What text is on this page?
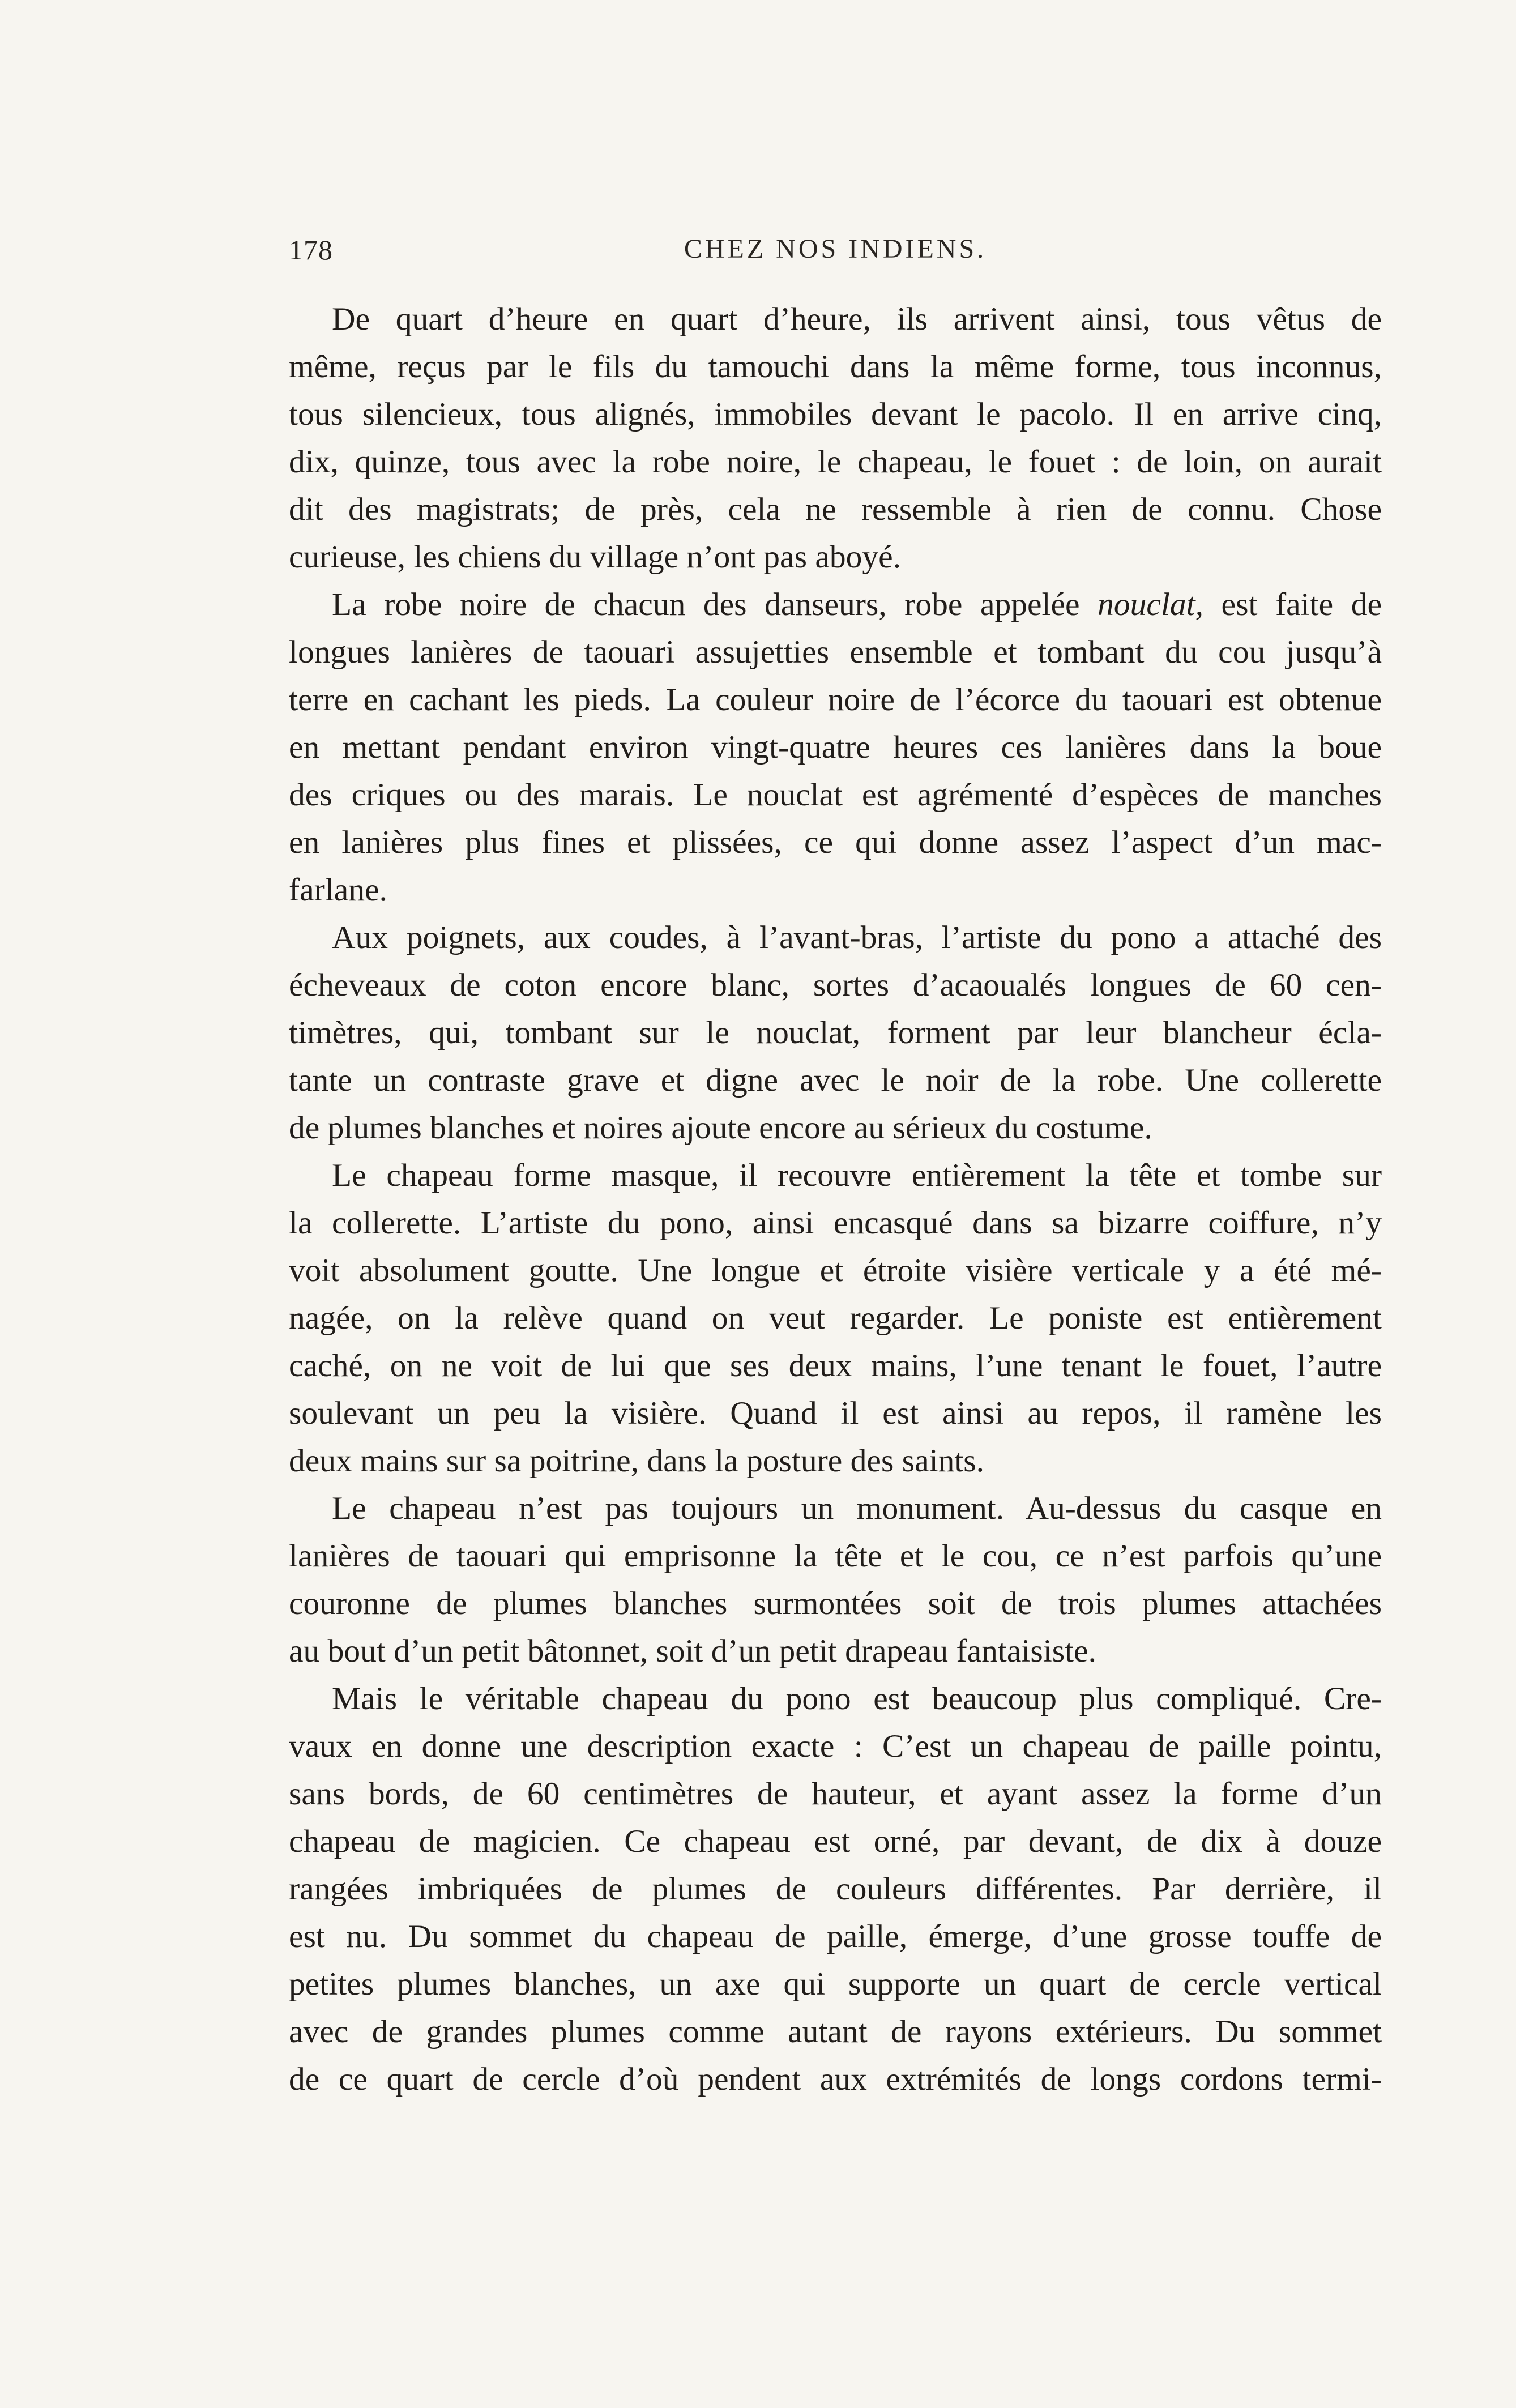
178	CHEZ NOS INDIENS.
De quart d’heure en quart d’heure, ils arrivent ainsi, tous vêtus de
même, reçus par le fils du tamouchi dans la même forme, tous inconnus,
tous silencieux, tous alignés, immobiles devant le pacolo. Il en arrive cinq,
dix, quinze, tous avec la robe noire, le chapeau, le fouet : de loin, on aurait
dit des magistrats; de près, cela ne ressemble à rien de connu. Chose
curieuse, les chiens du village n’ont pas aboyé.
La robe noire de chacun des danseurs, robe appelée nouclat, est faite de
longues lanières de taouari assujetties ensemble et tombant du cou jusqu’à
terre en cachant les pieds. La couleur noire de l’écorce du taouari est obtenue
en mettant pendant environ vingt-quatre heures ces lanières dans la boue
des criques ou des marais. Le nouclat est agrémenté d’espèces de manches
en lanières plus fines et plissées, ce qui donne assez l’aspect d’un mac-
farlane.
Aux poignets, aux coudes, à l’avant-bras, l’artiste du pono a attaché des
écheveaux de coton encore blanc, sortes d’acaoualés longues de 60 cen-
timètres, qui, tombant sur le nouclat, forment par leur blancheur écla-
tante un contraste grave et digne avec le noir de la robe. Une collerette
de plumes blanches et noires ajoute encore au sérieux du costume.
Le chapeau forme masque, il recouvre entièrement la tête et tombe sur
la collerette. L’artiste du pono, ainsi encasqué dans sa bizarre coiffure, n’y
voit absolument goutte. Une longue et étroite visière verticale y a été mé-
nagée, on la relève quand on veut regarder. Le poniste est entièrement
caché, on ne voit de lui que ses deux mains, l’une tenant le fouet, l’autre
soulevant un peu la visière. Quand il est ainsi au repos, il ramène les
deux mains sur sa poitrine, dans la posture des saints.
Le chapeau n’est pas toujours un monument. Au-dessus du casque en
lanières de taouari qui emprisonne la tête et le cou, ce n’est parfois qu’une
couronne de plumes blanches surmontées soit de trois plumes attachées
au bout d’un petit bâtonnet, soit d’un petit drapeau fantaisiste.
Mais le véritable chapeau du pono est beaucoup plus compliqué. Cre-
vaux en donne une description exacte : C’est un chapeau de paille pointu,
sans bords, de 60 centimètres de hauteur, et ayant assez la forme d’un
chapeau de magicien. Ce chapeau est orné, par devant, de dix à douze
rangées imbriquées de plumes de couleurs différentes. Par derrière, il
est nu. Du sommet du chapeau de paille, émerge, d’une grosse touffe de
petites plumes blanches, un axe qui supporte un quart de cercle vertical
avec de grandes plumes comme autant de rayons extérieurs. Du sommet
de ce quart de cercle d’où pendent aux extrémités de longs cordons termi-
